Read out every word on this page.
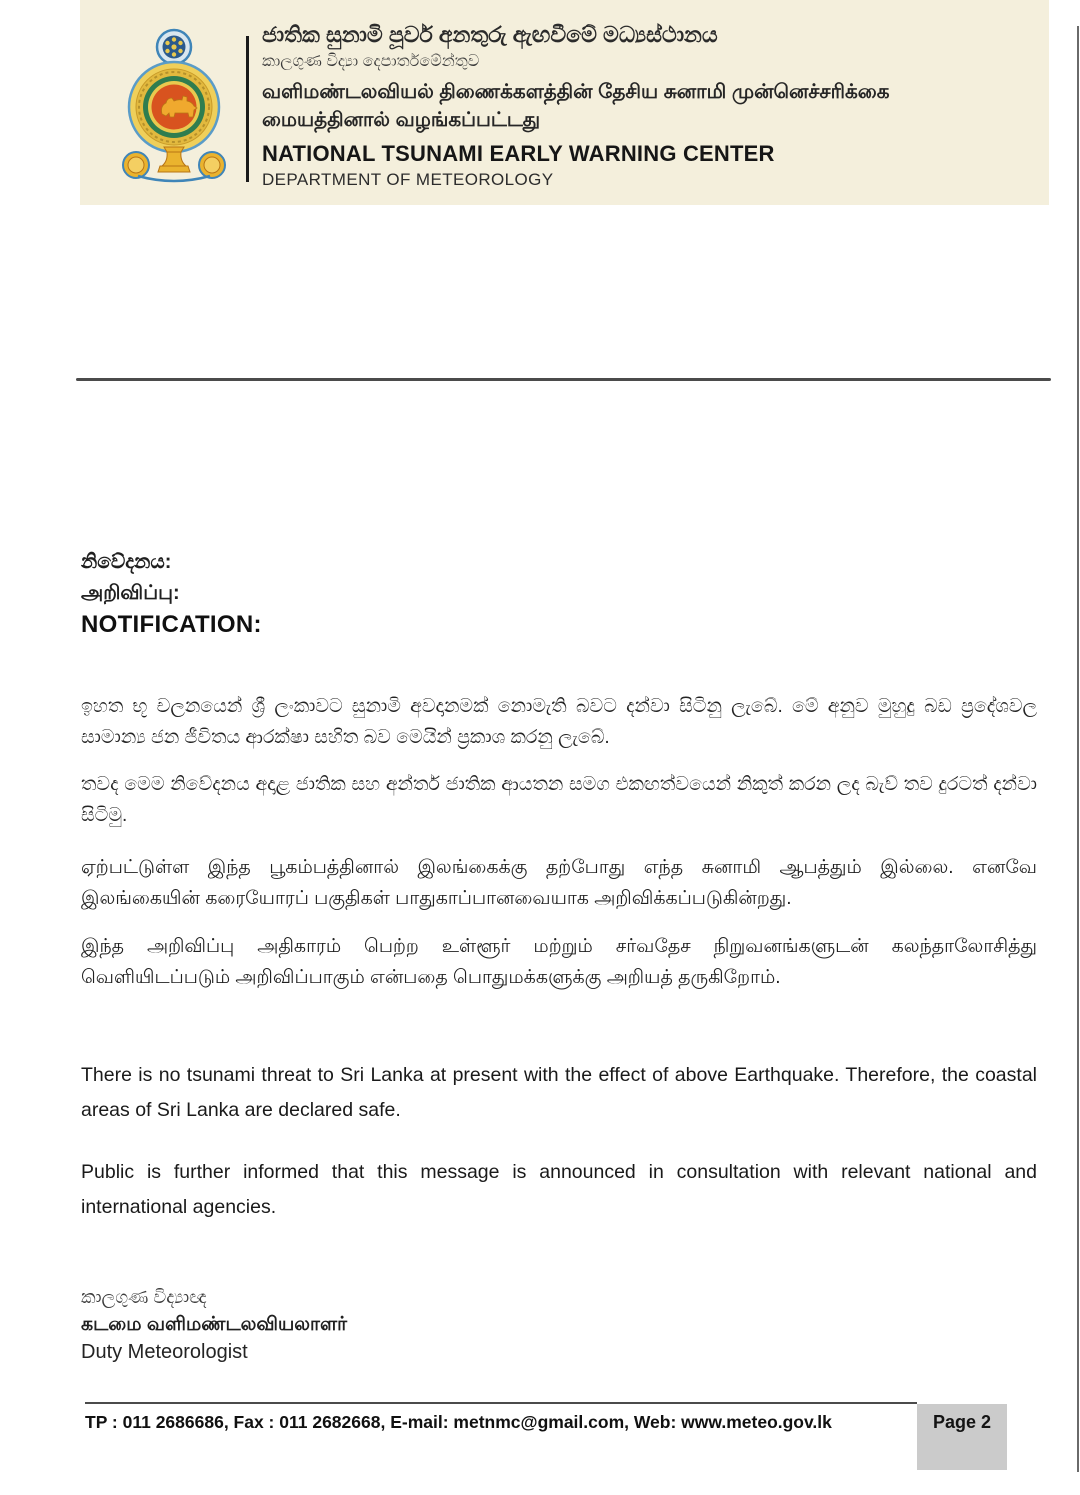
ජාතික සුනාමි පූර්ව අනතුරු ඇඟවීමේ මධ්‍යස්ථානය
කාලගුණ විද්‍යා දෙපාර්තමේන්තුව
வளிமண்டலவியல் திணைக்களத்தின் தேசிய சுனாமி முன்னெச்சரிக்கை
மையத்தினால் வழங்கப்பட்டது
NATIONAL TSUNAMI EARLY WARNING CENTER
DEPARTMENT OF METEOROLOGY
නිවේදනය:
அறிவிப்பு:
NOTIFICATION:

ඉහත භූ චලනයෙන් ශ්‍රී ලංකාවට සුනාමි අවදානමක් නොමැති බවට දන්වා සිටිනු ලැබේ. මේ අනුව මුහුදු බඩ ප්‍රදේශවල සාමාන්‍ය ජන ජීවිතය ආරක්ෂා සහිත බව මෙයින් ප්‍රකාශ කරනු ලැබේ.

තවද මෙම නිවේදනය අදාළ ජාතික සහ අන්තර් ජාතික ආයතන සමග එකඟත්වයෙන් නිකුත් කරන ලද බැව් තව දුරටත් දන්වා සිටිමු.

ஏற்பட்டுள்ள இந்த பூகம்பத்தினால் இலங்கைக்கு தற்போது எந்த சுனாமி ஆபத்தும் இல்லை. எனவே இலங்கையின் கரையோரப் பகுதிகள் பாதுகாப்பானவையாக அறிவிக்கப்படுகின்றது.

இந்த அறிவிப்பு அதிகாரம் பெற்ற உள்ளூர் மற்றும் சர்வதேச நிறுவனங்களுடன் கலந்தாலோசித்து வெளியிடப்படும் அறிவிப்பாகும் என்பதை பொதுமக்களுக்கு அறியத் தருகிறோம்.

There is no tsunami threat to Sri Lanka at present with the effect of above Earthquake. Therefore, the coastal areas of Sri Lanka are declared safe.

Public is further informed that this message is announced in consultation with relevant national and international agencies.

කාලගුණ විද්‍යාඥ
கடமை வளிமண்டலவியலாளர்
Duty Meteorologist
TP : 011 2686686, Fax : 011 2682668, E-mail: metnmc@gmail.com, Web: www.meteo.gov.lk	Page 2
